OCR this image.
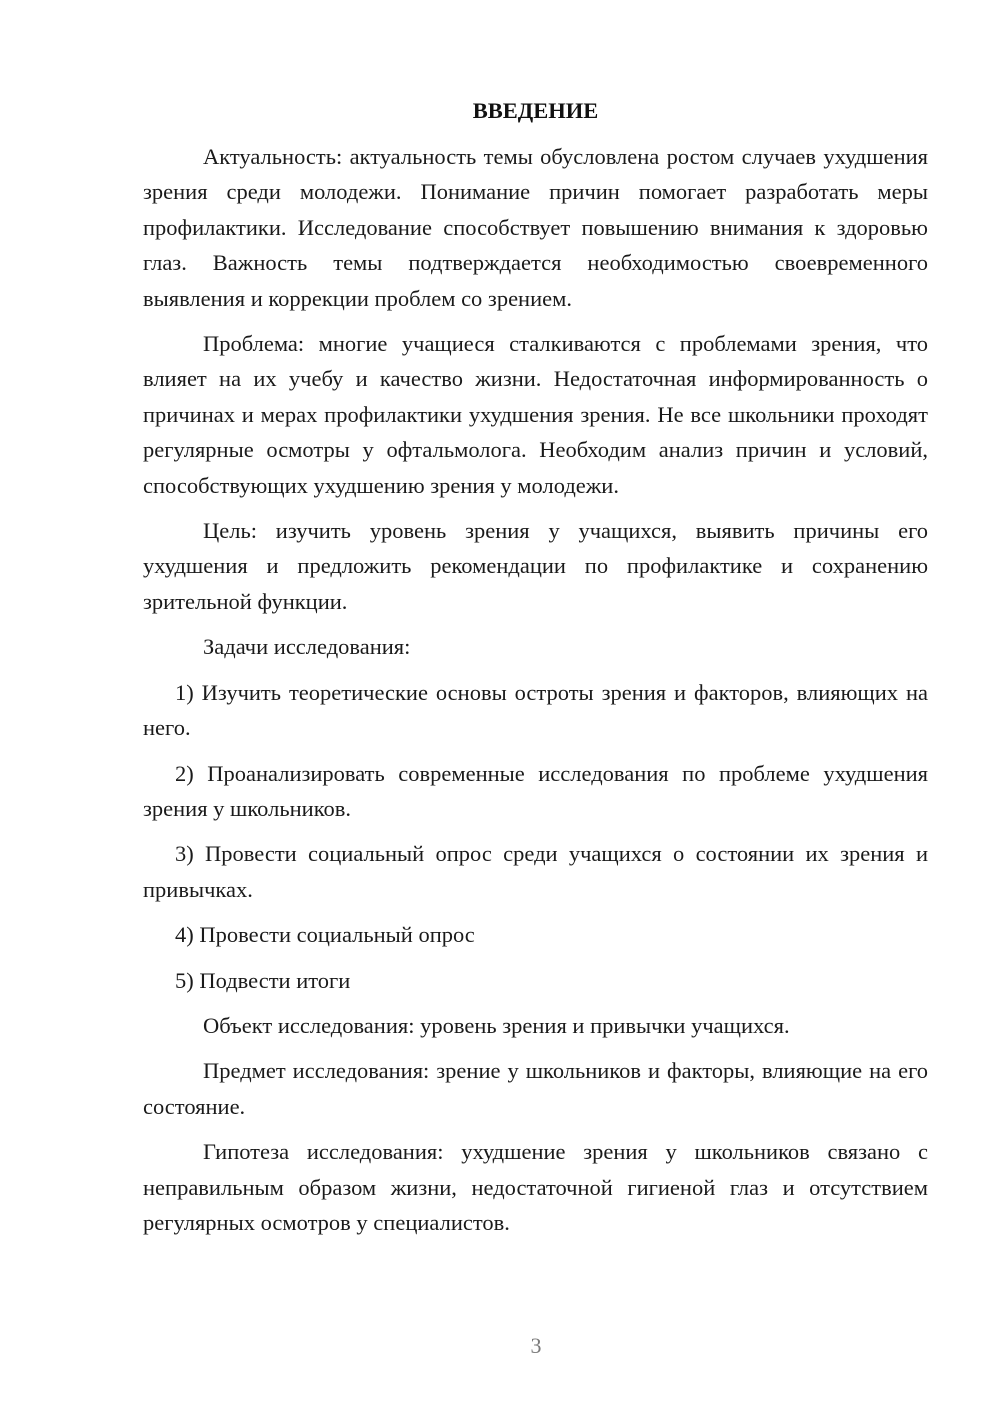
ВВЕДЕНИЕ

Актуальность: актуальность темы обусловлена ростом случаев ухудшения зрения среди молодежи. Понимание причин помогает разработать меры профилактики. Исследование способствует повышению внимания к здоровью глаз. Важность темы подтверждается необходимостью своевременного выявления и коррекции проблем со зрением.

Проблема: многие учащиеся сталкиваются с проблемами зрения, что влияет на их учебу и качество жизни. Недостаточная информированность о причинах и мерах профилактики ухудшения зрения. Не все школьники проходят регулярные осмотры у офтальмолога. Необходим анализ причин и условий, способствующих ухудшению зрения у молодежи.

Цель: изучить уровень зрения у учащихся, выявить причины его ухудшения и предложить рекомендации по профилактике и сохранению зрительной функции.

Задачи исследования:

1) Изучить теоретические основы остроты зрения и факторов, влияющих на него.

2) Проанализировать современные исследования по проблеме ухудшения зрения у школьников.

3) Провести социальный опрос среди учащихся о состоянии их зрения и привычках.

4) Провести социальный опрос

5) Подвести итоги

Объект исследования: уровень зрения и привычки учащихся.

Предмет исследования: зрение у школьников и факторы, влияющие на его состояние.

Гипотеза исследования: ухудшение зрения у школьников связано с неправильным образом жизни, недостаточной гигиеной глаз и отсутствием регулярных осмотров у специалистов.

3
